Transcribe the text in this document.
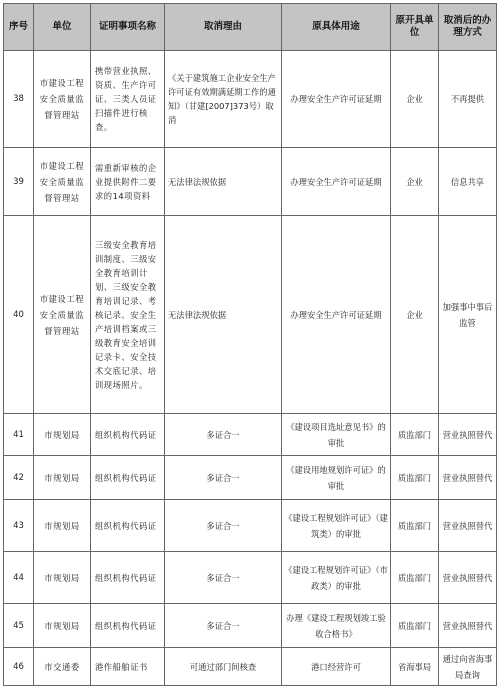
序号	单位	证明事项名称	取消理由	原具体用途	原开具单位	取消后的办理方式
38	市建设工程安全质量监督管理站	携带营业执照、资质、生产许可证、三类人员证扫描件进行核查。	《关于建筑施工企业安全生产许可证有效期满延期工作的通知》（甘建[2007]373号）取消	办理安全生产许可证延期	企业	不再提供
39	市建设工程安全质量监督管理站	需重新审核的企业提供附件二要求的14项资料	无法律法规依据	办理安全生产许可证延期	企业	信息共享
40	市建设工程安全质量监督管理站	三级安全教育培训制度、三级安全教育培训计划、三级安全教育培训记录、考核记录、安全生产培训档案或三级教育安全培训记录卡、安全技术交底记录、培训现场照片。	无法律法规依据	办理安全生产许可证延期	企业	加强事中事后监管
41	市规划局	组织机构代码证	多证合一	《建设项目选址意见书》的审批	质监部门	营业执照替代
42	市规划局	组织机构代码证	多证合一	《建设用地规划许可证》的审批	质监部门	营业执照替代
43	市规划局	组织机构代码证	多证合一	《建设工程规划许可证》（建筑类）的审批	质监部门	营业执照替代
44	市规划局	组织机构代码证	多证合一	《建设工程规划许可证》（市政类）的审批	质监部门	营业执照替代
45	市规划局	组织机构代码证	多证合一	办理《建设工程规划竣工验收合格书》	质监部门	营业执照替代
46	市交通委	港作船舶证书	可通过部门间核查	港口经营许可	省海事局	通过向省海事局查询
